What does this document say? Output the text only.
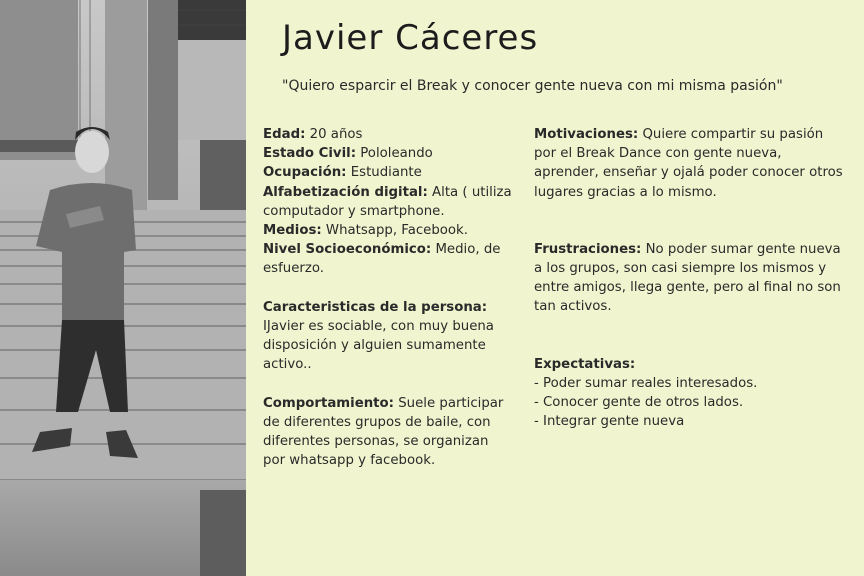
Javier Cáceres
"Quiero esparcir el Break y conocer gente nueva con mi misma pasión"

Edad: 20 años

Estado Civil: Pololeando

Ocupación: Estudiante

Alfabetización digital: Alta ( utiliza computador y smartphone.

Medios: Whatsapp, Facebook.

Nivel Socioeconómico: Medio, de esfuerzo.

Caracteristicas de la persona:

IJavier es sociable, con muy buena disposición y alguien sumamente activo..

Comportamiento: Suele participar de diferentes grupos de baile, con diferentes personas, se organizan por whatsapp y facebook.

Motivaciones: Quiere compartir su pasión por el Break Dance con gente nueva, aprender, enseñar y ojalá poder conocer otros lugares gracias a lo mismo.

Frustraciones: No poder sumar gente nueva a los grupos, son casi siempre los mismos y entre amigos, llega gente, pero al final no son tan activos.

Expectativas:

- Poder sumar reales interesados.
- Conocer gente de otros lados.
- Integrar gente nueva
